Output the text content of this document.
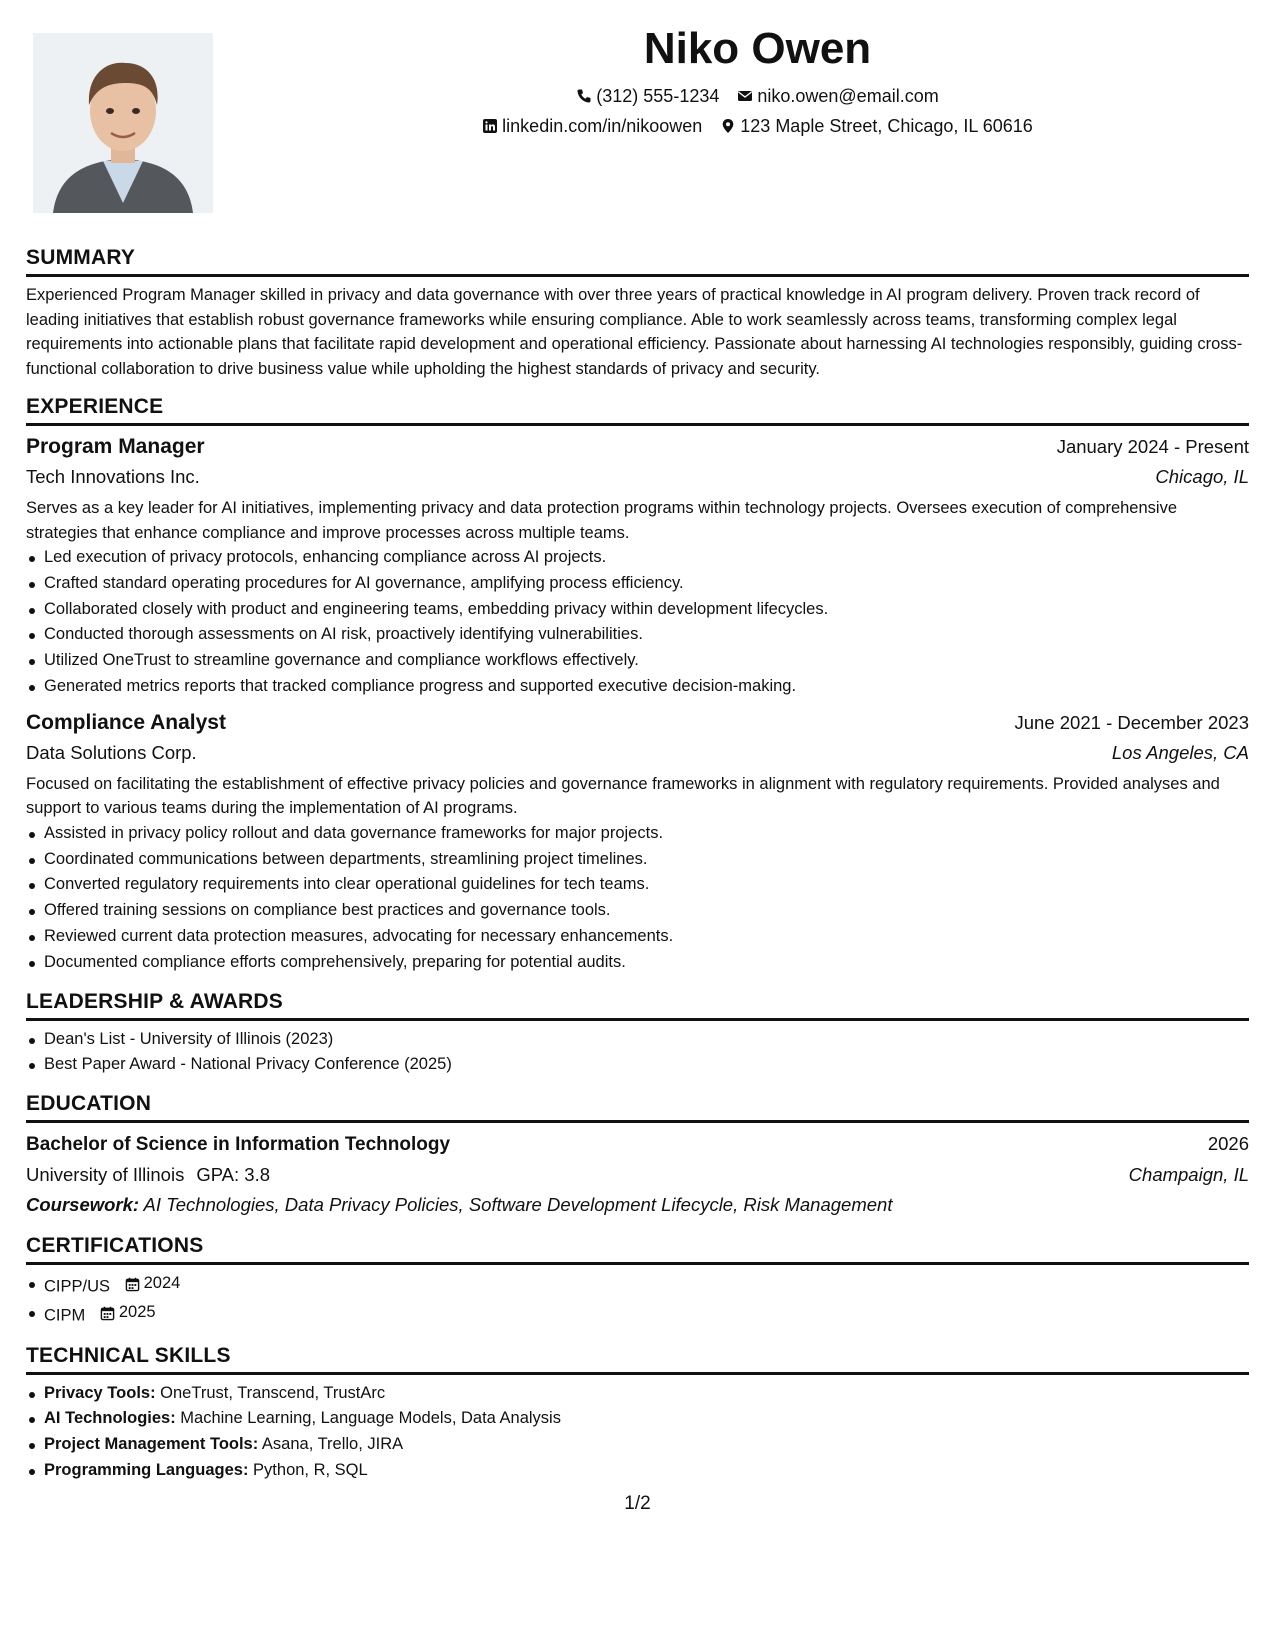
Niko Owen
(312) 555-1234 niko.owen@email.com
linkedin.com/in/nikoowen 123 Maple Street, Chicago, IL 60616
SUMMARY

Experienced Program Manager skilled in privacy and data governance with over three years of practical knowledge in AI program delivery. Proven track record of leading initiatives that establish robust governance frameworks while ensuring compliance. Able to work seamlessly across teams, transforming complex legal requirements into actionable plans that facilitate rapid development and operational efficiency. Passionate about harnessing AI technologies responsibly, guiding cross-functional collaboration to drive business value while upholding the highest standards of privacy and security.

EXPERIENCE
Program Manager	January 2024 - Present
Tech Innovations Inc.	Chicago, IL

Serves as a key leader for AI initiatives, implementing privacy and data protection programs within technology projects. Oversees execution of comprehensive strategies that enhance compliance and improve processes across multiple teams.

Led execution of privacy protocols, enhancing compliance across AI projects.
Crafted standard operating procedures for AI governance, amplifying process efficiency.
Collaborated closely with product and engineering teams, embedding privacy within development lifecycles.
Conducted thorough assessments on AI risk, proactively identifying vulnerabilities.
Utilized OneTrust to streamline governance and compliance workflows effectively.
Generated metrics reports that tracked compliance progress and supported executive decision-making.
Compliance Analyst	June 2021 - December 2023
Data Solutions Corp.	Los Angeles, CA

Focused on facilitating the establishment of effective privacy policies and governance frameworks in alignment with regulatory requirements. Provided analyses and support to various teams during the implementation of AI programs.

Assisted in privacy policy rollout and data governance frameworks for major projects.
Coordinated communications between departments, streamlining project timelines.
Converted regulatory requirements into clear operational guidelines for tech teams.
Offered training sessions on compliance best practices and governance tools.
Reviewed current data protection measures, advocating for necessary enhancements.
Documented compliance efforts comprehensively, preparing for potential audits.
LEADERSHIP & AWARDS
Dean's List - University of Illinois (2023)
Best Paper Award - National Privacy Conference (2025)
EDUCATION
Bachelor of Science in Information Technology	2026
University of Illinois GPA: 3.8	Champaign, IL
Coursework: AI Technologies, Data Privacy Policies, Software Development Lifecycle, Risk Management
CERTIFICATIONS
CIPP/US 2024
CIPM 2025
TECHNICAL SKILLS
Privacy Tools: OneTrust, Transcend, TrustArc
AI Technologies: Machine Learning, Language Models, Data Analysis
Project Management Tools: Asana, Trello, JIRA
Programming Languages: Python, R, SQL
1/2
